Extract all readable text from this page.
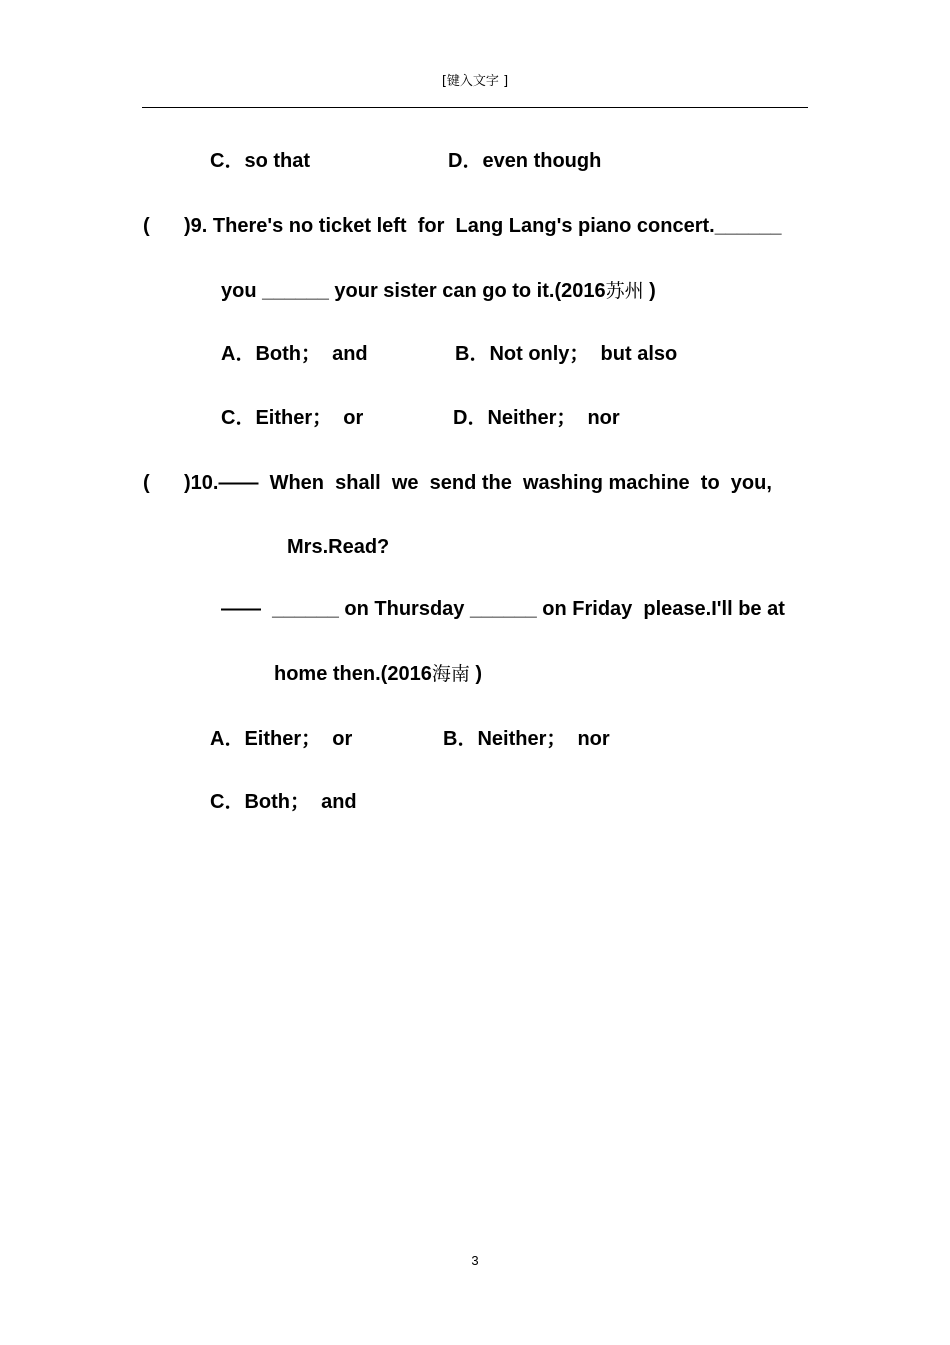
[键入文字 ]
C．so that	D．even though
( )9. There's no ticket left  for  Lang Lang's piano concert.______
you ______ your sister can go to it.(2016苏州 )
A．Both；  and	B．Not only；  but also
C．Either；  or	D．Neither；  nor
( )10.——  When  shall  we  send the  washing machine  to  you,
Mrs.Read?
——  ______ on Thursday ______ on Friday  please.I'll be at
home then.(2016海南 )
A．Either；  or	B．Neither；  nor
C．Both；  and
3
